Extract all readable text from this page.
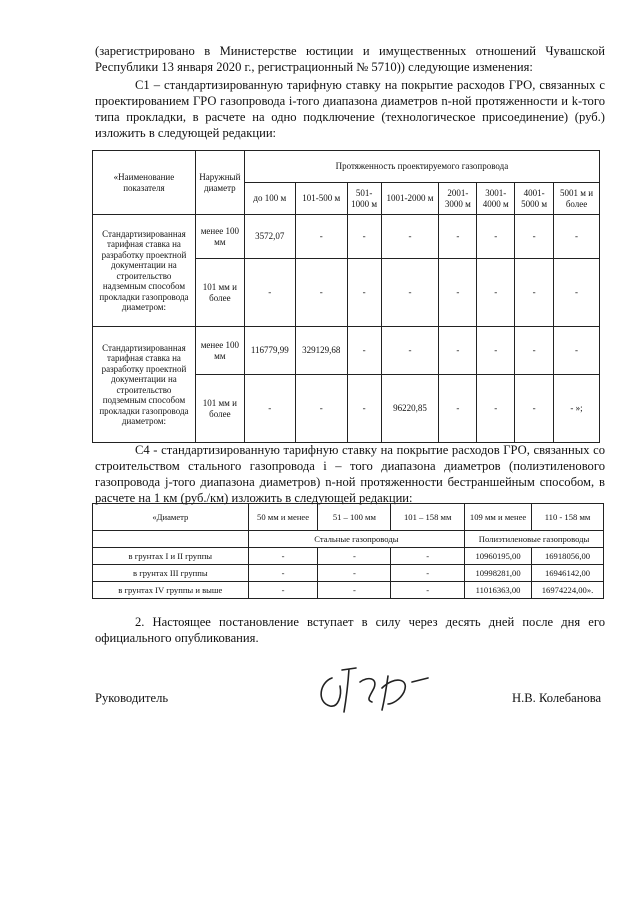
(зарегистрировано в Министерстве юстиции и имущественных отношений Чувашской Республики 13 января 2020 г., регистрационный № 5710)) следующие изменения:

С1 – стандартизированную тарифную ставку на покрытие расходов ГРО, связанных с проектированием ГРО газопровода i-того диапазона диаметров n-ной протяженности и k-того типа прокладки, в расчете на одно подключение (технологическое присоединение) (руб.) изложить в следующей редакции:

«Наименование показателя	Наружный диаметр	Протяженность проектируемого газопровода							
		до 100 м	101-500 м	501-1000 м	1001-2000 м	2001-3000 м	3001-4000 м	4001-5000 м	5001 м и более
Стандартизированная тарифная ставка на разработку проектной документации на строительство надземным способом прокладки газопровода диаметром:	менее 100 мм	3572,07	-	-	-	-	-	-	-
	101 мм и более	-	-	-	-	-	-	-	-
Стандартизированная тарифная ставка на разработку проектной документации на строительство подземным способом прокладки газопровода диаметром:	менее 100 мм	116779,99	329129,68	-	-	-	-	-	-
	101 мм и более	-	-	-	96220,85	-	-	-	- »;

С4 - стандартизированную тарифную ставку на покрытие расходов ГРО, связанных со строительством стального газопровода i – того диапазона диаметров (полиэтиленового газопровода j-того диапазона диаметров) n-ной протяженности бестраншейным способом, в расчете на 1 км (руб./км) изложить в следующей редакции:

«Диаметр	50 мм и менее	51 – 100 мм	101 – 158 мм	109 мм и менее	110 - 158 мм
	Стальные газопроводы			Полиэтиленовые газопроводы	
в грунтах I и II группы	-	-	-	10960195,00	16918056,00
в грунтах III группы	-	-	-	10998281,00	16946142,00
в грунтах IV группы и выше	-	-	-	11016363,00	16974224,00».

2. Настоящее постановление вступает в силу через десять дней после дня его официального опубликования.

Руководитель	Н.В. Колебанова
